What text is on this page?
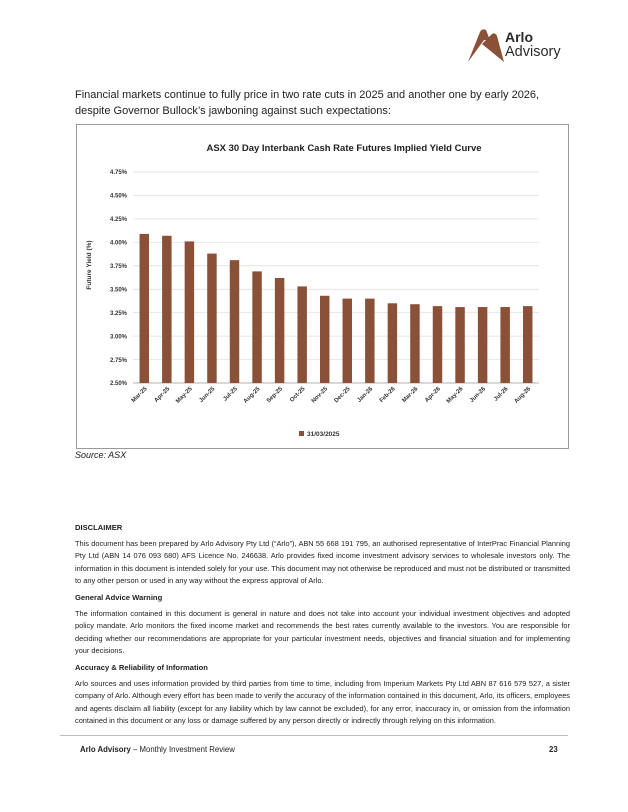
Arlo
Advisory
Financial markets continue to fully price in two rate cuts in 2025 and another one by early 2026, despite Governor Bullock’s jawboning against such expectations:
ASX 30 Day Interbank Cash Rate Futures Implied Yield Curve
Future Yield (%)
4.75%
4.50%
4.25%
4.00%
3.75%
3.50%
3.25%
3.00%
2.75%
2.50%
Mar-25 Apr-25 May-25 Jun-25 Jul-25 Aug-25 Sep-25 Oct-25 Nov-25 Dec-25 Jan-26 Feb-26 Mar-26 Apr-26 May-26 Jun-26 Jul-26 Aug-26
31/03/2025
Source: ASX
DISCLAIMER

This document has been prepared by Arlo Advisory Pty Ltd (“Arlo”), ABN 55 668 191 795, an authorised representative of InterPrac Financial Planning Pty Ltd (ABN 14 076 093 680) AFS Licence No. 246638. Arlo provides fixed income investment advisory services to wholesale investors only. The information in this document is intended solely for your use. This document may not otherwise be reproduced and must not be distributed or transmitted to any other person or used in any way without the express approval of Arlo.

General Advice Warning

The information contained in this document is general in nature and does not take into account your individual investment objectives and adopted policy mandate. Arlo monitors the fixed income market and recommends the best rates currently available to the investors. You are responsible for deciding whether our recommendations are appropriate for your particular investment needs, objectives and financial situation and for implementing your decisions.

Accuracy & Reliability of Information

Arlo sources and uses information provided by third parties from time to time, including from Imperium Markets Pty Ltd ABN 87 616 579 527, a sister company of Arlo. Although every effort has been made to verify the accuracy of the information contained in this document, Arlo, its officers, employees and agents disclaim all liability (except for any liability which by law cannot be excluded), for any error, inaccuracy in, or omission from the information contained in this document or any loss or damage suffered by any person directly or indirectly through relying on this information.

Arlo Advisory – Monthly Investment Review	23
